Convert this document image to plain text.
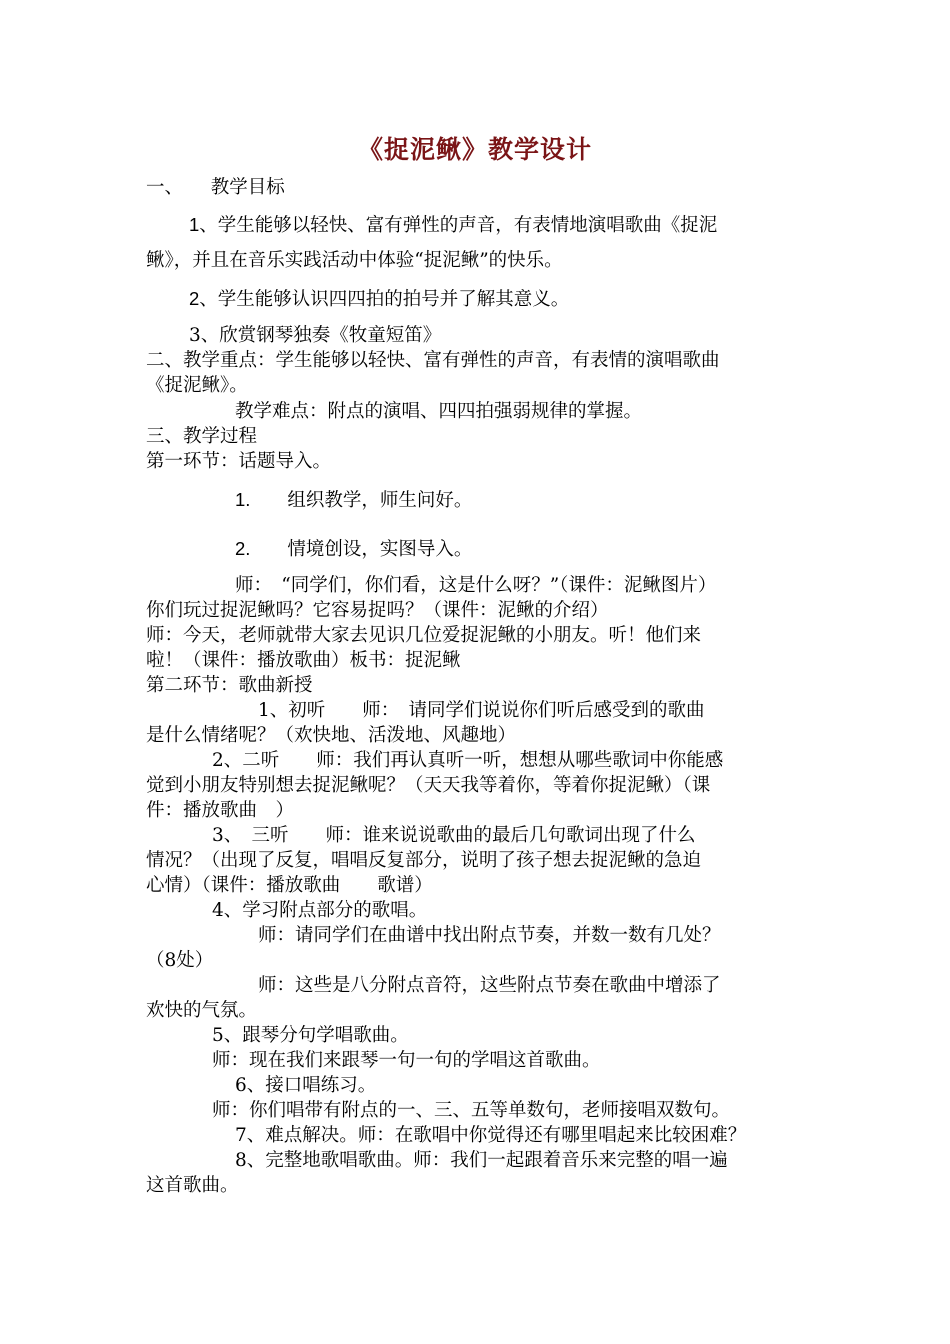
《捉泥鳅》教学设计
一、　　教学目标
1、学生能够以轻快、富有弹性的声音，有表情地演唱歌曲《捉泥
鳅》，并且在音乐实践活动中体验“捉泥鳅”的快乐。
2、学生能够认识四四拍的拍号并了解其意义。
3、欣赏钢琴独奏《牧童短笛》
二、教学重点：学生能够以轻快、富有弹性的声音，有表情的演唱歌曲
《捉泥鳅》。
教学难点：附点的演唱、四四拍强弱规律的掌握。
三、教学过程
第一环节：话题导入。
1.　　组织教学，师生问好。
2.　　情境创设，实图导入。
师：　“同学们，你们看，这是什么呀？”（课件：泥鳅图片）
你们玩过捉泥鳅吗？它容易捉吗？（课件：泥鳅的介绍）
师：今天，老师就带大家去见识几位爱捉泥鳅的小朋友。听！他们来
啦！（课件：播放歌曲）板书：捉泥鳅
第二环节：歌曲新授
1、初听　　师：　请同学们说说你们听后感受到的歌曲
是什么情绪呢？（欢快地、活泼地、风趣地）
2、二听　　师：我们再认真听一听，想想从哪些歌词中你能感
觉到小朋友特别想去捉泥鳅呢？（天天我等着你，等着你捉泥鳅）（课
件：播放歌曲　）
3、　三听　　师：谁来说说歌曲的最后几句歌词出现了什么
情况？（出现了反复，唱唱反复部分，说明了孩子想去捉泥鳅的急迫
心情）（课件：播放歌曲　　歌谱）
4、学习附点部分的歌唱。
师：请同学们在曲谱中找出附点节奏，并数一数有几处？
（8处）
师：这些是八分附点音符，这些附点节奏在歌曲中增添了
欢快的气氛。
5、跟琴分句学唱歌曲。
师：现在我们来跟琴一句一句的学唱这首歌曲。
6、接口唱练习。
师：你们唱带有附点的一、三、五等单数句，老师接唱双数句。
7、难点解决。师：在歌唱中你觉得还有哪里唱起来比较困难？
8、完整地歌唱歌曲。师：我们一起跟着音乐来完整的唱一遍
这首歌曲。
